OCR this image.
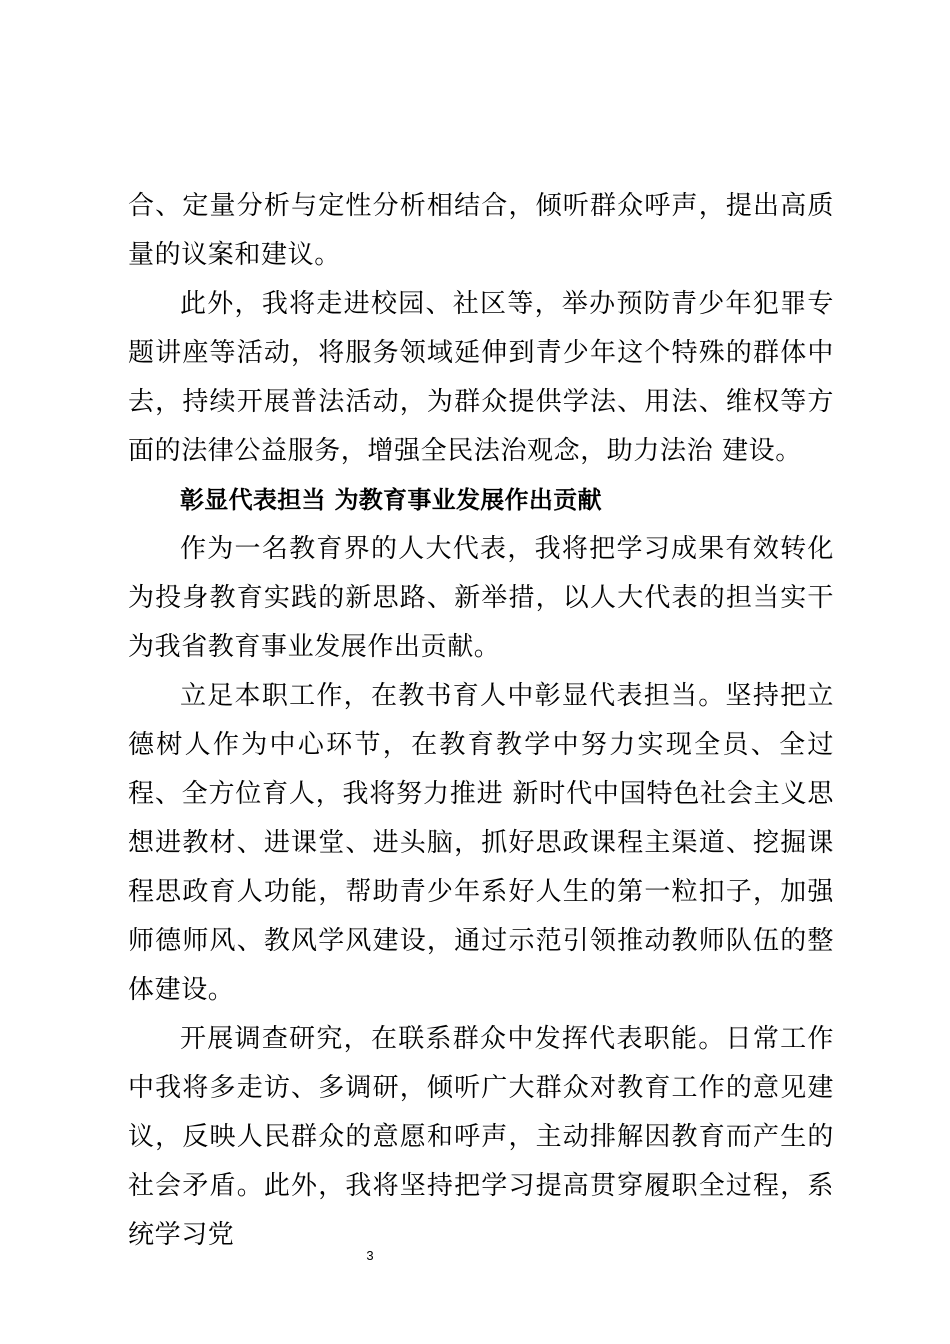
合、定量分析与定性分析相结合，倾听群众呼声，提出高质量的议案和建议。

此外，我将走进校园、社区等，举办预防青少年犯罪专题讲座等活动，将服务领域延伸到青少年这个特殊的群体中去，持续开展普法活动，为群众提供学法、用法、维权等方面的法律公益服务，增强全民法治观念，助力法治 建设。

彰显代表担当 为教育事业发展作出贡献

作为一名教育界的人大代表，我将把学习成果有效转化为投身教育实践的新思路、新举措，以人大代表的担当实干为我省教育事业发展作出贡献。

立足本职工作，在教书育人中彰显代表担当。坚持把立德树人作为中心环节，在教育教学中努力实现全员、全过程、全方位育人，我将努力推进 新时代中国特色社会主义思想进教材、进课堂、进头脑，抓好思政课程主渠道、挖掘课程思政育人功能，帮助青少年系好人生的第一粒扣子，加强师德师风、教风学风建设，通过示范引领推动教师队伍的整体建设。

开展调查研究，在联系群众中发挥代表职能。日常工作中我将多走访、多调研，倾听广大群众对教育工作的意见建议，反映人民群众的意愿和呼声，主动排解因教育而产生的社会矛盾。此外，我将坚持把学习提高贯穿履职全过程，系统学习党

3
